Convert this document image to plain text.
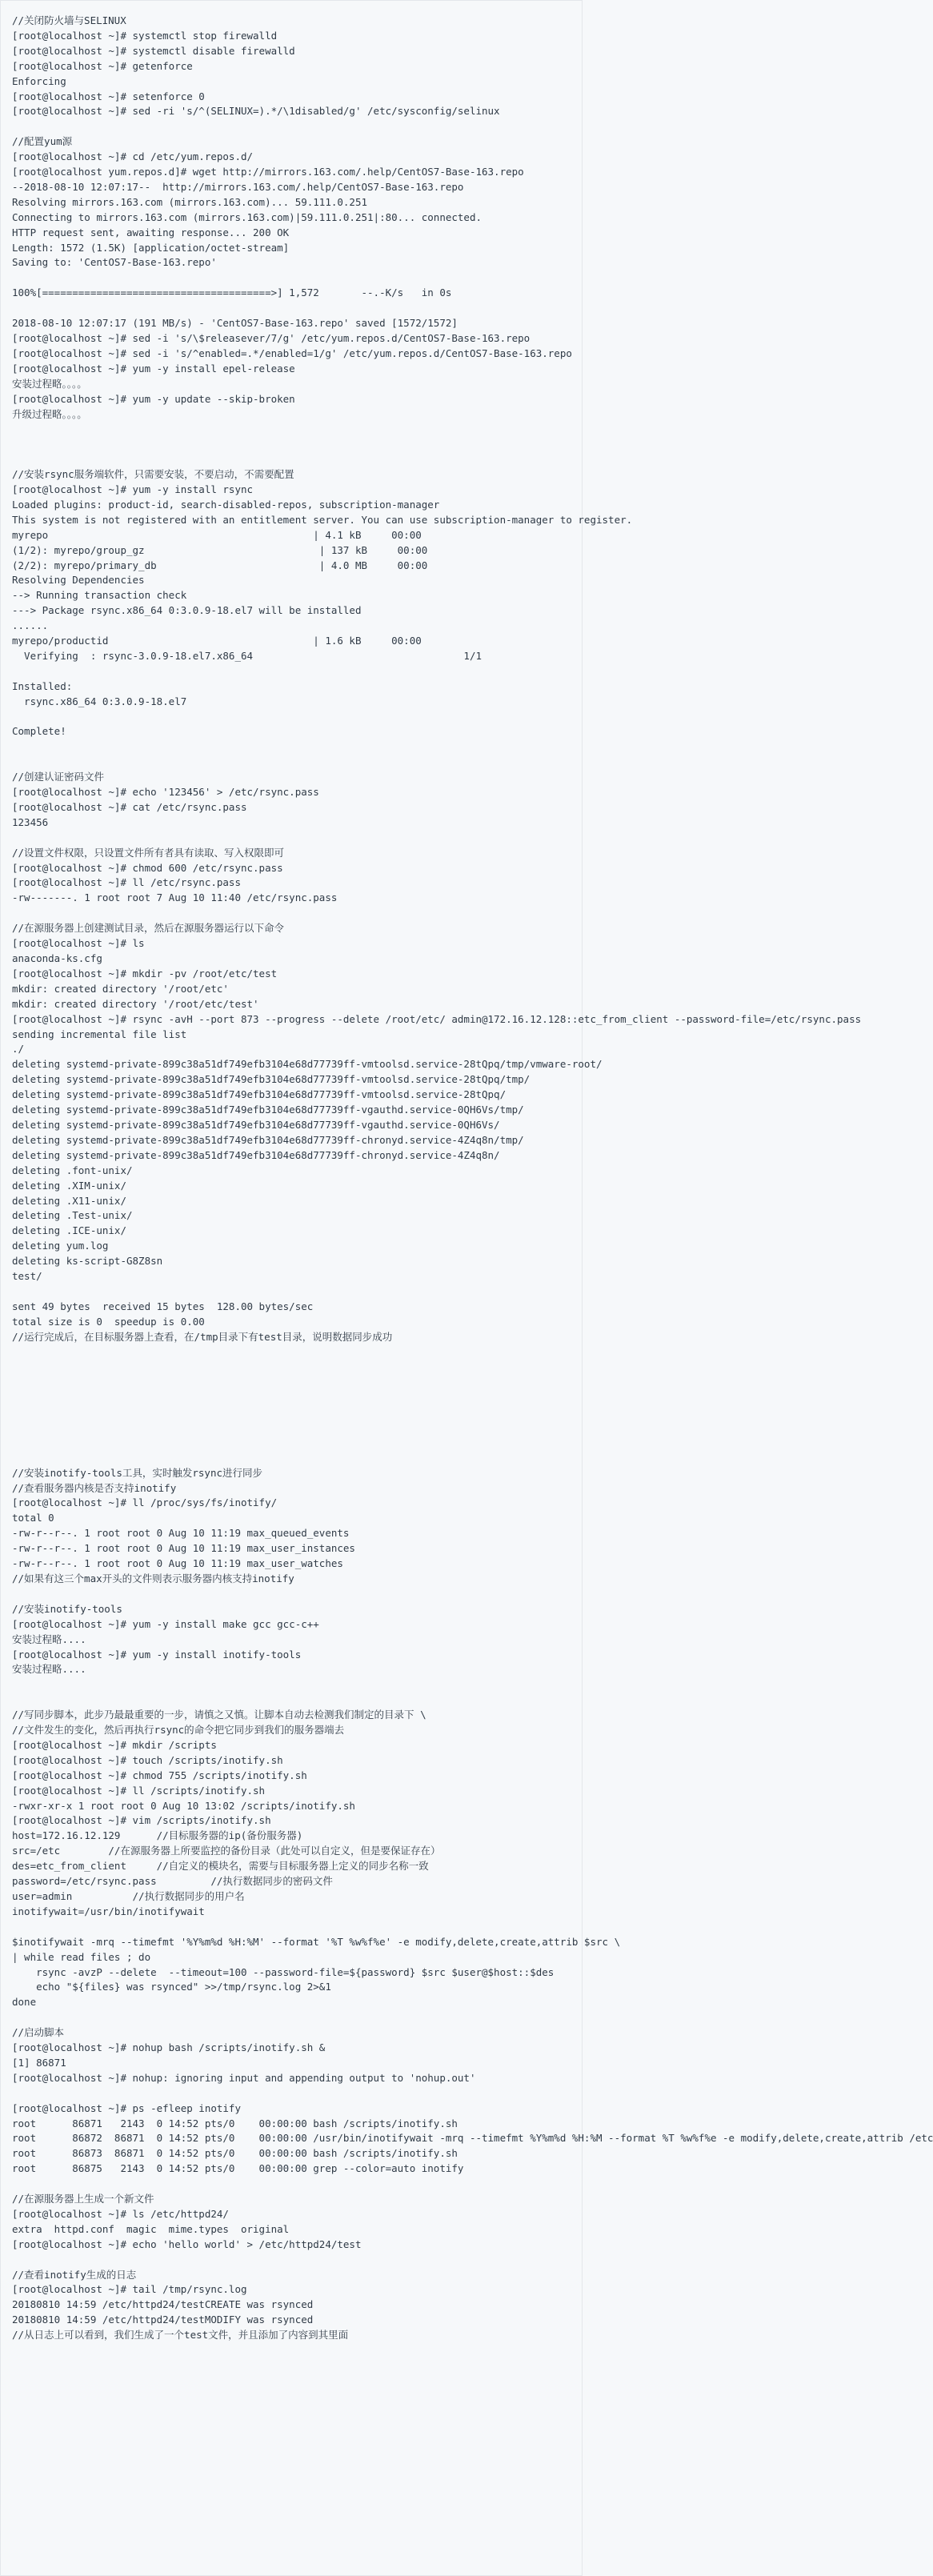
//关闭防火墙与SELINUX
[root@localhost ~]# systemctl stop firewalld
[root@localhost ~]# systemctl disable firewalld
[root@localhost ~]# getenforce
Enforcing
[root@localhost ~]# setenforce 0
[root@localhost ~]# sed -ri 's/^(SELINUX=).*/\1disabled/g' /etc/sysconfig/selinux
//配置yum源
[root@localhost ~]# cd /etc/yum.repos.d/
[root@localhost yum.repos.d]# wget http://mirrors.163.com/.help/CentOS7-Base-163.repo
--2018-08-10 12:07:17--  http://mirrors.163.com/.help/CentOS7-Base-163.repo
Resolving mirrors.163.com (mirrors.163.com)... 59.111.0.251
Connecting to mirrors.163.com (mirrors.163.com)|59.111.0.251|:80... connected.
HTTP request sent, awaiting response... 200 OK
Length: 1572 (1.5K) [application/octet-stream]
Saving to: 'CentOS7-Base-163.repo'
100%[======================================>] 1,572       --.-K/s   in 0s
2018-08-10 12:07:17 (191 MB/s) - 'CentOS7-Base-163.repo' saved [1572/1572]
[root@localhost ~]# sed -i 's/\$releasever/7/g' /etc/yum.repos.d/CentOS7-Base-163.repo
[root@localhost ~]# sed -i 's/^enabled=.*/enabled=1/g' /etc/yum.repos.d/CentOS7-Base-163.repo
[root@localhost ~]# yum -y install epel-release
安装过程略。。。。
[root@localhost ~]# yum -y update --skip-broken
升级过程略。。。。
//安装rsync服务端软件，只需要安装，不要启动，不需要配置
[root@localhost ~]# yum -y install rsync
Loaded plugins: product-id, search-disabled-repos, subscription-manager
This system is not registered with an entitlement server. You can use subscription-manager to register.
myrepo                                            | 4.1 kB     00:00
(1/2): myrepo/group_gz                             | 137 kB     00:00
(2/2): myrepo/primary_db                           | 4.0 MB     00:00
Resolving Dependencies
--> Running transaction check
---> Package rsync.x86_64 0:3.0.9-18.el7 will be installed
......
myrepo/productid                                  | 1.6 kB     00:00
Verifying  : rsync-3.0.9-18.el7.x86_64                                   1/1
Installed:
rsync.x86_64 0:3.0.9-18.el7
Complete!
//创建认证密码文件
[root@localhost ~]# echo '123456' > /etc/rsync.pass
[root@localhost ~]# cat /etc/rsync.pass
123456
//设置文件权限，只设置文件所有者具有读取、写入权限即可
[root@localhost ~]# chmod 600 /etc/rsync.pass
[root@localhost ~]# ll /etc/rsync.pass
-rw-------. 1 root root 7 Aug 10 11:40 /etc/rsync.pass
//在源服务器上创建测试目录，然后在源服务器运行以下命令
[root@localhost ~]# ls
anaconda-ks.cfg
[root@localhost ~]# mkdir -pv /root/etc/test
mkdir: created directory '/root/etc'
mkdir: created directory '/root/etc/test'
[root@localhost ~]# rsync -avH --port 873 --progress --delete /root/etc/ admin@172.16.12.128::etc_from_client --password-file=/etc/rsync.pass
sending incremental file list
./
deleting systemd-private-899c38a51df749efb3104e68d77739ff-vmtoolsd.service-28tQpq/tmp/vmware-root/
deleting systemd-private-899c38a51df749efb3104e68d77739ff-vmtoolsd.service-28tQpq/tmp/
deleting systemd-private-899c38a51df749efb3104e68d77739ff-vmtoolsd.service-28tQpq/
deleting systemd-private-899c38a51df749efb3104e68d77739ff-vgauthd.service-0QH6Vs/tmp/
deleting systemd-private-899c38a51df749efb3104e68d77739ff-vgauthd.service-0QH6Vs/
deleting systemd-private-899c38a51df749efb3104e68d77739ff-chronyd.service-4Z4q8n/tmp/
deleting systemd-private-899c38a51df749efb3104e68d77739ff-chronyd.service-4Z4q8n/
deleting .font-unix/
deleting .XIM-unix/
deleting .X11-unix/
deleting .Test-unix/
deleting .ICE-unix/
deleting yum.log
deleting ks-script-G8Z8sn
test/
sent 49 bytes  received 15 bytes  128.00 bytes/sec
total size is 0  speedup is 0.00
//运行完成后，在目标服务器上查看，在/tmp目录下有test目录，说明数据同步成功
//安装inotify-tools工具，实时触发rsync进行同步
//查看服务器内核是否支持inotify
[root@localhost ~]# ll /proc/sys/fs/inotify/
total 0
-rw-r--r--. 1 root root 0 Aug 10 11:19 max_queued_events
-rw-r--r--. 1 root root 0 Aug 10 11:19 max_user_instances
-rw-r--r--. 1 root root 0 Aug 10 11:19 max_user_watches
//如果有这三个max开头的文件则表示服务器内核支持inotify
//安装inotify-tools
[root@localhost ~]# yum -y install make gcc gcc-c++
安装过程略....
[root@localhost ~]# yum -y install inotify-tools
安装过程略....
//写同步脚本，此步乃最最重要的一步，请慎之又慎。让脚本自动去检测我们制定的目录下 \
//文件发生的变化，然后再执行rsync的命令把它同步到我们的服务器端去
[root@localhost ~]# mkdir /scripts
[root@localhost ~]# touch /scripts/inotify.sh
[root@localhost ~]# chmod 755 /scripts/inotify.sh
[root@localhost ~]# ll /scripts/inotify.sh
-rwxr-xr-x 1 root root 0 Aug 10 13:02 /scripts/inotify.sh
[root@localhost ~]# vim /scripts/inotify.sh
host=172.16.12.129      //目标服务器的ip(备份服务器)
src=/etc        //在源服务器上所要监控的备份目录（此处可以自定义，但是要保证存在）
des=etc_from_client     //自定义的模块名，需要与目标服务器上定义的同步名称一致
password=/etc/rsync.pass         //执行数据同步的密码文件
user=admin          //执行数据同步的用户名
inotifywait=/usr/bin/inotifywait
$inotifywait -mrq --timefmt '%Y%m%d %H:%M' --format '%T %w%f%e' -e modify,delete,create,attrib $src \
| while read files ; do
rsync -avzP --delete  --timeout=100 --password-file=${password} $src $user@$host::$des
echo "${files} was rsynced" >>/tmp/rsync.log 2>&1
done
//启动脚本
[root@localhost ~]# nohup bash /scripts/inotify.sh &
[1] 86871
[root@localhost ~]# nohup: ignoring input and appending output to 'nohup.out'
[root@localhost ~]# ps -efleep inotify
root      86871   2143  0 14:52 pts/0    00:00:00 bash /scripts/inotify.sh
root      86872  86871  0 14:52 pts/0    00:00:00 /usr/bin/inotifywait -mrq --timefmt %Y%m%d %H:%M --format %T %w%f%e -e modify,delete,create,attrib /etc
root      86873  86871  0 14:52 pts/0    00:00:00 bash /scripts/inotify.sh
root      86875   2143  0 14:52 pts/0    00:00:00 grep --color=auto inotify
//在源服务器上生成一个新文件
[root@localhost ~]# ls /etc/httpd24/
extra  httpd.conf  magic  mime.types  original
[root@localhost ~]# echo 'hello world' > /etc/httpd24/test
//查看inotify生成的日志
[root@localhost ~]# tail /tmp/rsync.log
20180810 14:59 /etc/httpd24/testCREATE was rsynced
20180810 14:59 /etc/httpd24/testMODIFY was rsynced
//从日志上可以看到，我们生成了一个test文件，并且添加了内容到其里面
